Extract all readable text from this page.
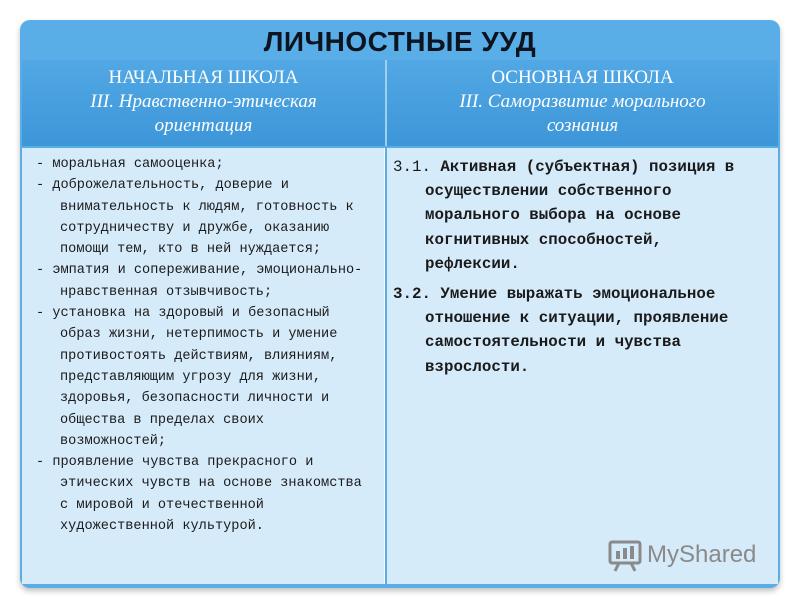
ЛИЧНОСТНЫЕ УУД
НАЧАЛЬНАЯ ШКОЛА
III. Нравственно-этическая
ориентация
ОСНОВНАЯ ШКОЛА
III. Саморазвитие морального
сознания
- моральная самооценка;
- доброжелательность, доверие и внимательность к людям, готовность к сотрудничеству и дружбе, оказанию помощи тем, кто в ней нуждается;
- эмпатия и сопереживание, эмоционально-нравственная отзывчивость;
- установка на здоровый и безопасный образ жизни, нетерпимость и умение противостоять действиям, влияниям, представляющим угрозу для жизни, здоровья, безопасности личности и общества в пределах своих возможностей;
- проявление чувства прекрасного и этических чувств на основе знакомства с мировой и отечественной художественной культурой.
3.1. Активная (субъектная) позиция в осуществлении собственного морального выбора на основе когнитивных способностей, рефлексии.
3.2. Умение выражать эмоциональное отношение к ситуации, проявление самостоятельности и чувства взрослости.
MyShared
